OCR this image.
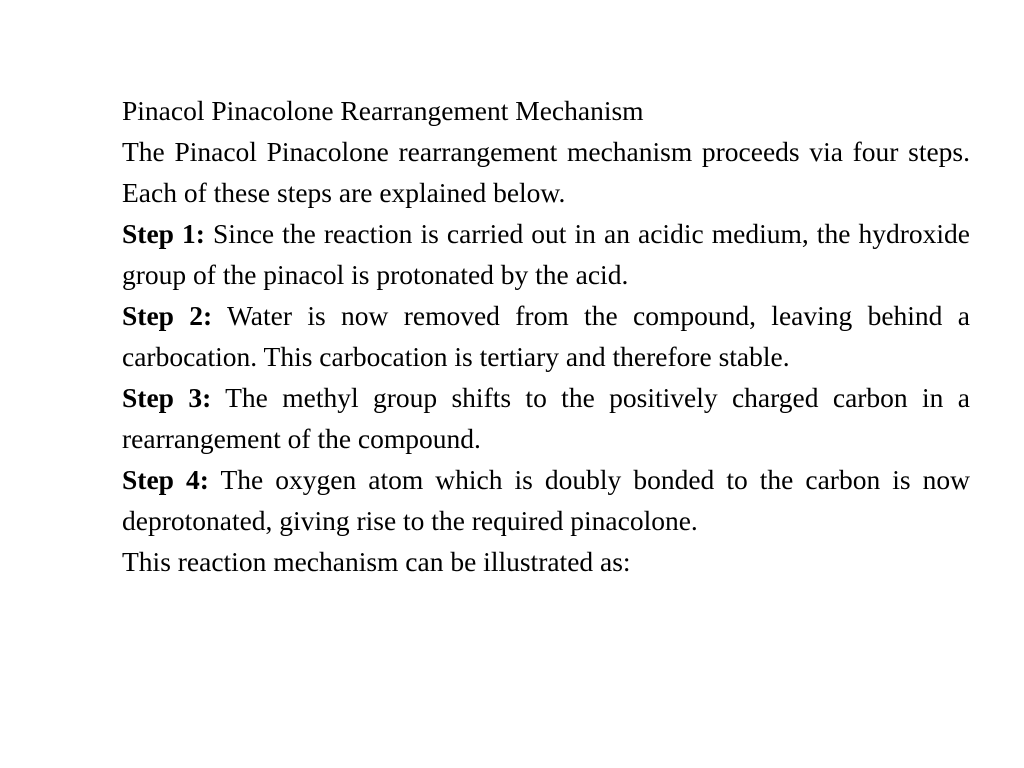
Pinacol Pinacolone Rearrangement Mechanism

The Pinacol Pinacolone rearrangement mechanism proceeds via four steps. Each of these steps are explained below.

Step 1: Since the reaction is carried out in an acidic medium, the hydroxide group of the pinacol is protonated by the acid.

Step 2: Water is now removed from the compound, leaving behind a carbocation. This carbocation is tertiary and therefore stable.

Step 3: The methyl group shifts to the positively charged carbon in a rearrangement of the compound.

Step 4: The oxygen atom which is doubly bonded to the carbon is now deprotonated, giving rise to the required pinacolone.

This reaction mechanism can be illustrated as:
